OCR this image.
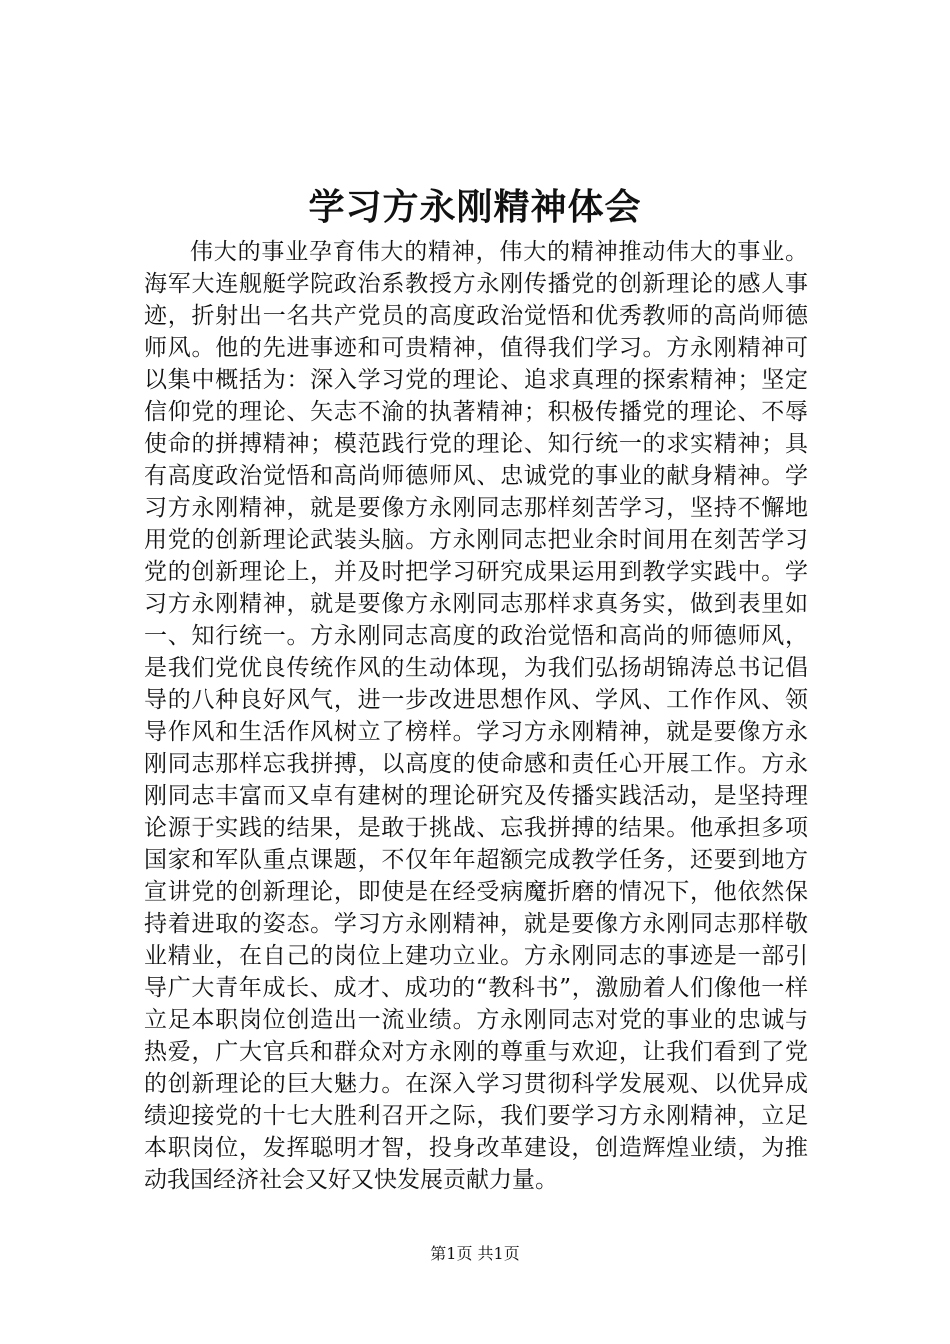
学习方永刚精神体会

伟大的事业孕育伟大的精神，伟大的精神推动伟大的事业。海军大连舰艇学院政治系教授方永刚传播党的创新理论的感人事迹，折射出一名共产党员的高度政治觉悟和优秀教师的高尚师德师风。他的先进事迹和可贵精神，值得我们学习。方永刚精神可以集中概括为：深入学习党的理论、追求真理的探索精神；坚定信仰党的理论、矢志不渝的执著精神；积极传播党的理论、不辱使命的拼搏精神；模范践行党的理论、知行统一的求实精神；具有高度政治觉悟和高尚师德师风、忠诚党的事业的献身精神。学习方永刚精神，就是要像方永刚同志那样刻苦学习，坚持不懈地用党的创新理论武装头脑。方永刚同志把业余时间用在刻苦学习党的创新理论上，并及时把学习研究成果运用到教学实践中。学习方永刚精神，就是要像方永刚同志那样求真务实，做到表里如一、知行统一。方永刚同志高度的政治觉悟和高尚的师德师风，是我们党优良传统作风的生动体现，为我们弘扬胡锦涛总书记倡导的八种良好风气，进一步改进思想作风、学风、工作作风、领导作风和生活作风树立了榜样。学习方永刚精神，就是要像方永刚同志那样忘我拼搏，以高度的使命感和责任心开展工作。方永刚同志丰富而又卓有建树的理论研究及传播实践活动，是坚持理论源于实践的结果，是敢于挑战、忘我拼搏的结果。他承担多项国家和军队重点课题，不仅年年超额完成教学任务，还要到地方宣讲党的创新理论，即使是在经受病魔折磨的情况下，他依然保持着进取的姿态。学习方永刚精神，就是要像方永刚同志那样敬业精业，在自己的岗位上建功立业。方永刚同志的事迹是一部引导广大青年成长、成才、成功的“教科书”，激励着人们像他一样立足本职岗位创造出一流业绩。方永刚同志对党的事业的忠诚与热爱，广大官兵和群众对方永刚的尊重与欢迎，让我们看到了党的创新理论的巨大魅力。在深入学习贯彻科学发展观、以优异成绩迎接党的十七大胜利召开之际，我们要学习方永刚精神，立足本职岗位，发挥聪明才智，投身改革建设，创造辉煌业绩，为推动我国经济社会又好又快发展贡献力量。

第1页 共1页
